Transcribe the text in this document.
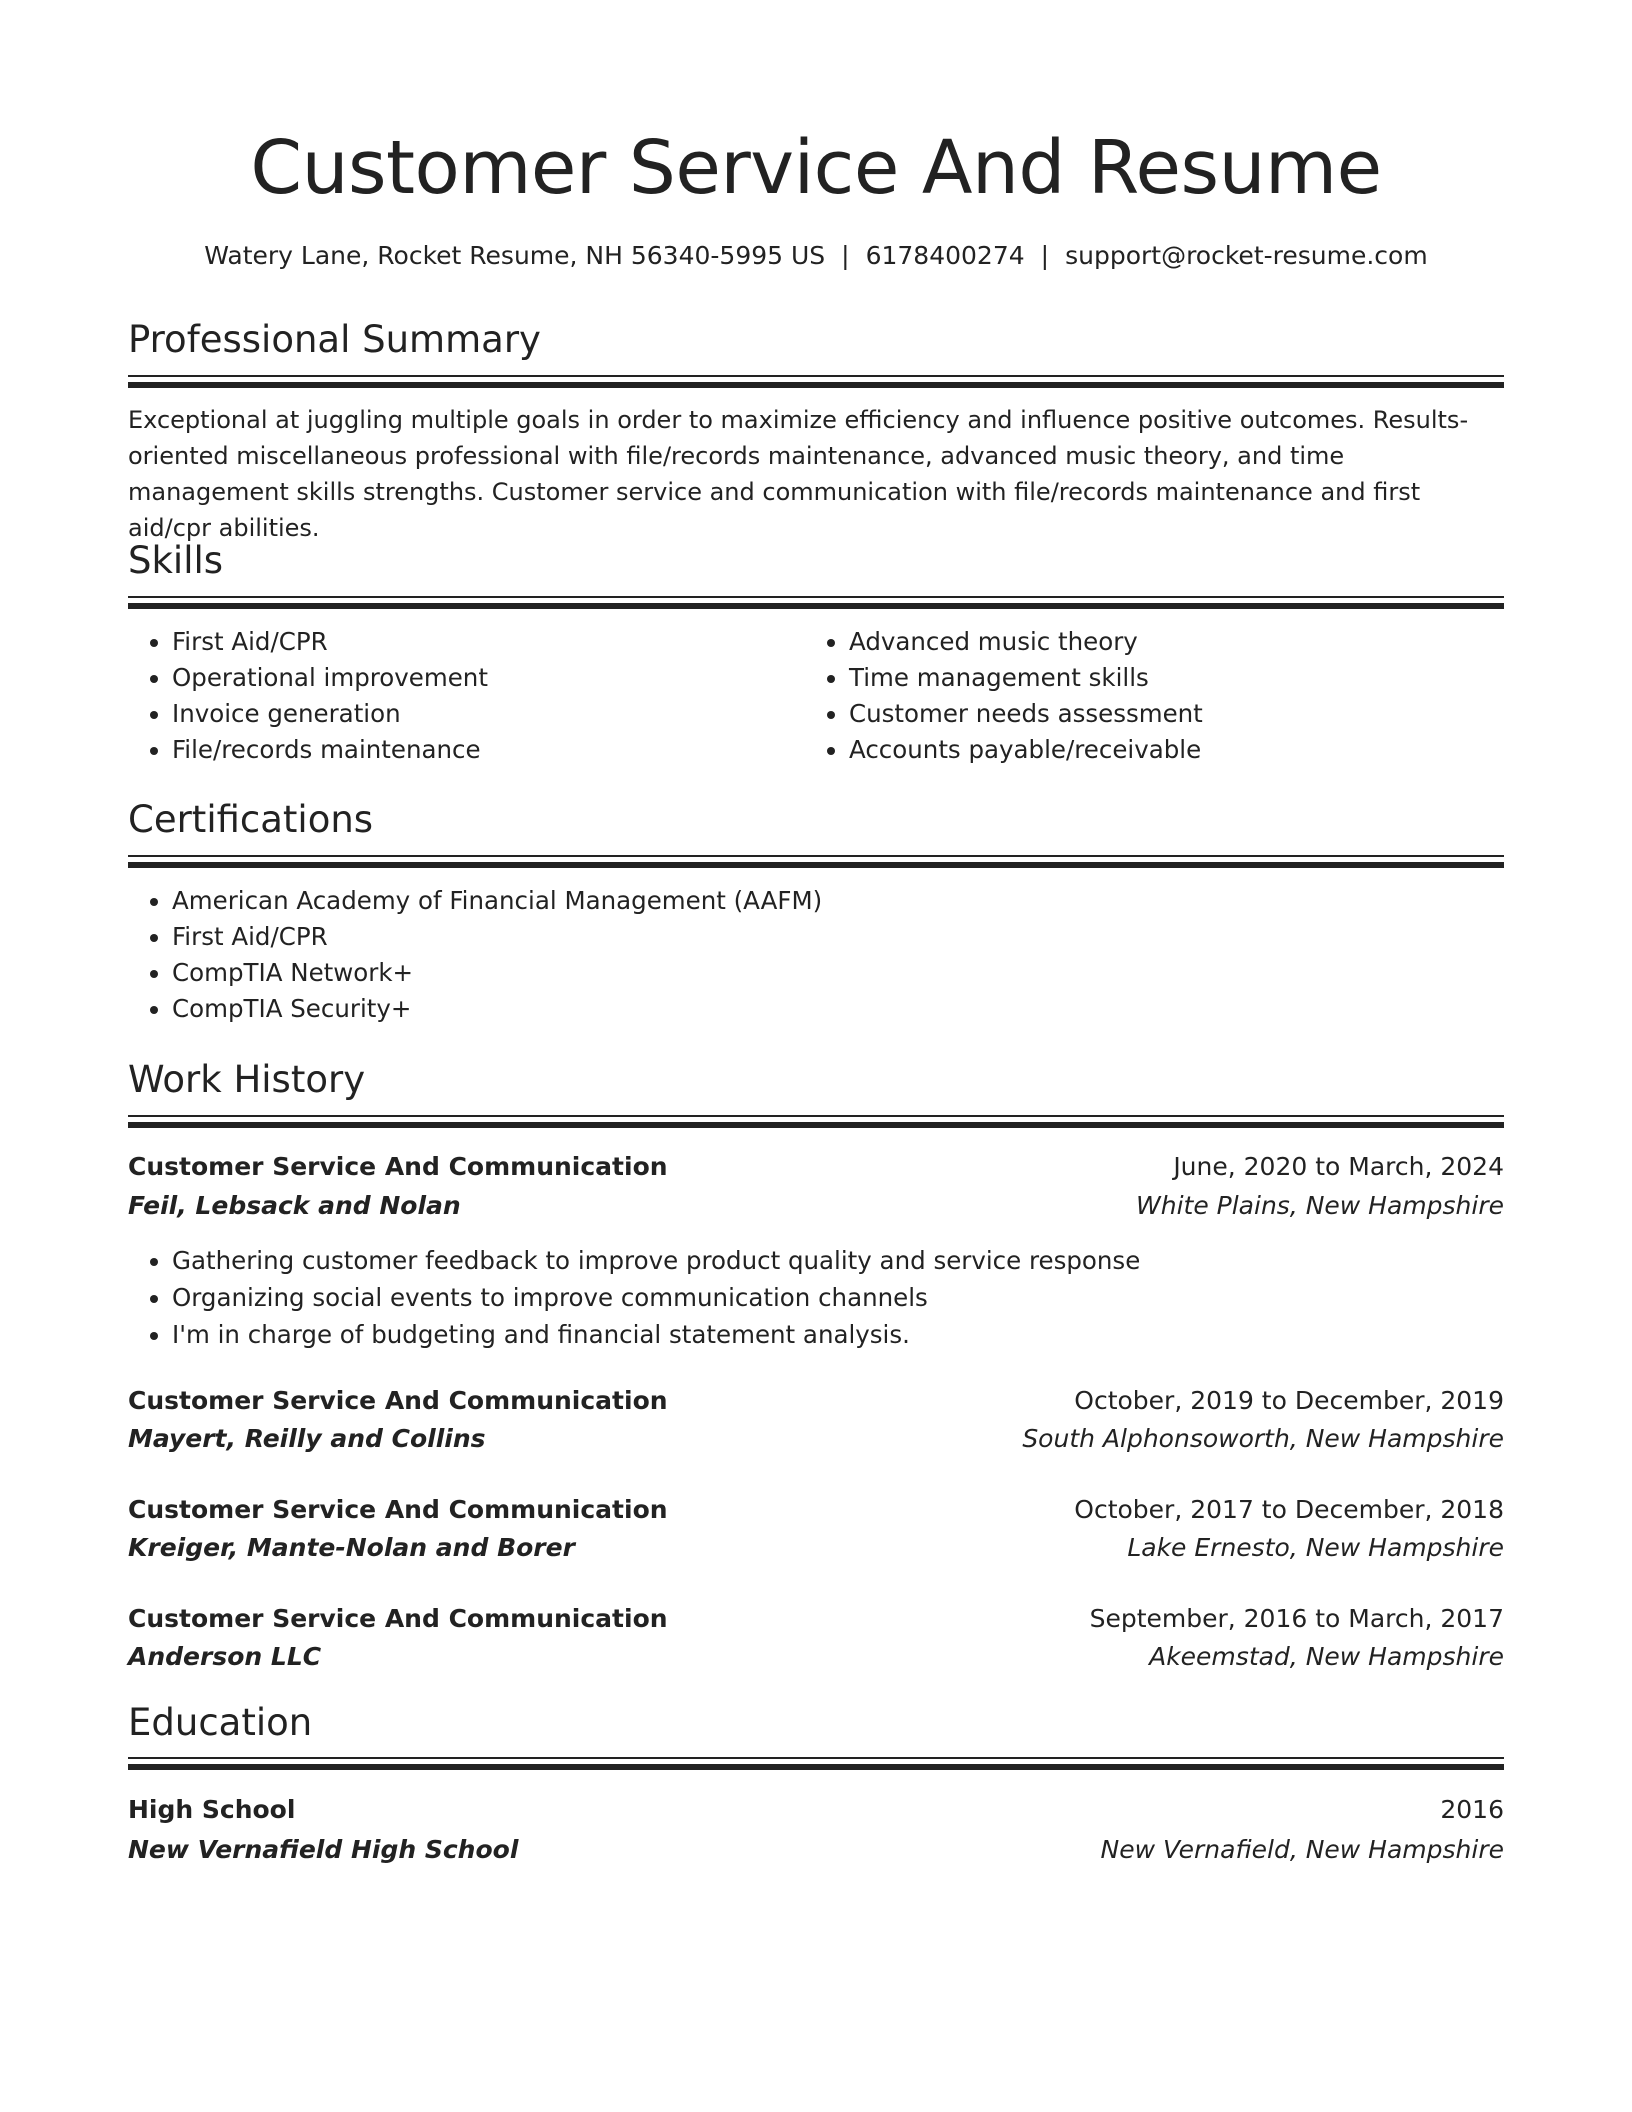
Customer Service And Resume
Watery Lane, Rocket Resume, NH 56340-5995 US | 6178400274 | support@rocket-resume.com
Professional Summary

Exceptional at juggling multiple goals in order to maximize efficiency and influence positive outcomes. Results-oriented miscellaneous professional with file/records maintenance, advanced music theory, and time management skills strengths. Customer service and communication with file/records maintenance and first aid/cpr abilities.

Skills
• First Aid/CPR
• Operational improvement
• Invoice generation
• File/records maintenance
• Advanced music theory
• Time management skills
• Customer needs assessment
• Accounts payable/receivable
Certifications
• American Academy of Financial Management (AAFM)
• First Aid/CPR
• CompTIA Network+
• CompTIA Security+
Work History
Customer Service And Communication	June, 2020 to March, 2024
Feil, Lebsack and Nolan	White Plains, New Hampshire
• Gathering customer feedback to improve product quality and service response
• Organizing social events to improve communication channels
• I'm in charge of budgeting and financial statement analysis.
Customer Service And Communication	October, 2019 to December, 2019
Mayert, Reilly and Collins	South Alphonsoworth, New Hampshire
Customer Service And Communication	October, 2017 to December, 2018
Kreiger, Mante-Nolan and Borer	Lake Ernesto, New Hampshire
Customer Service And Communication	September, 2016 to March, 2017
Anderson LLC	Akeemstad, New Hampshire
Education
High School	2016
New Vernafield High School	New Vernafield, New Hampshire
